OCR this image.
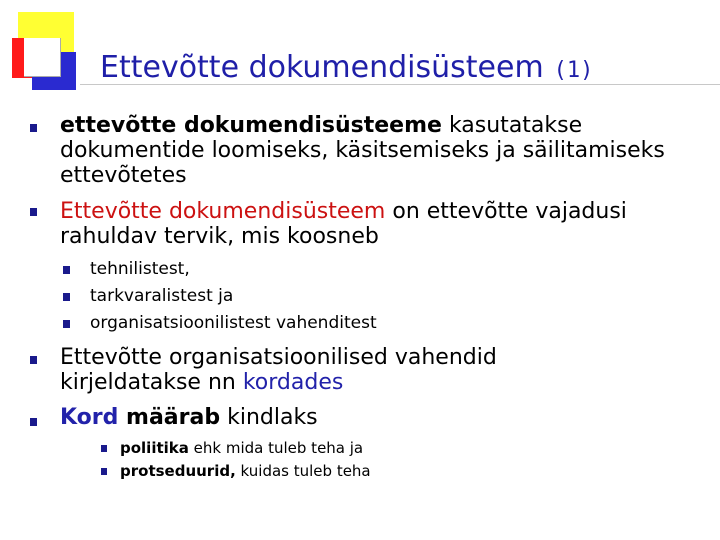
Ettevõtte dokumendisüsteem (1)
ettevõtte dokumendisüsteeme kasutatakse dokumentide loomiseks, käsitsemiseks ja säilitamiseks ettevõtetes
Ettevõtte dokumendisüsteem on ettevõtte vajadusi rahuldav tervik, mis koosneb
tehnilistest,
tarkvaralistest ja
organisatsioonilistest vahenditest
Ettevõtte organisatsioonilised vahendid kirjeldatakse nn kordades
Kord määrab kindlaks
poliitika ehk mida tuleb teha ja
protseduurid, kuidas tuleb teha
